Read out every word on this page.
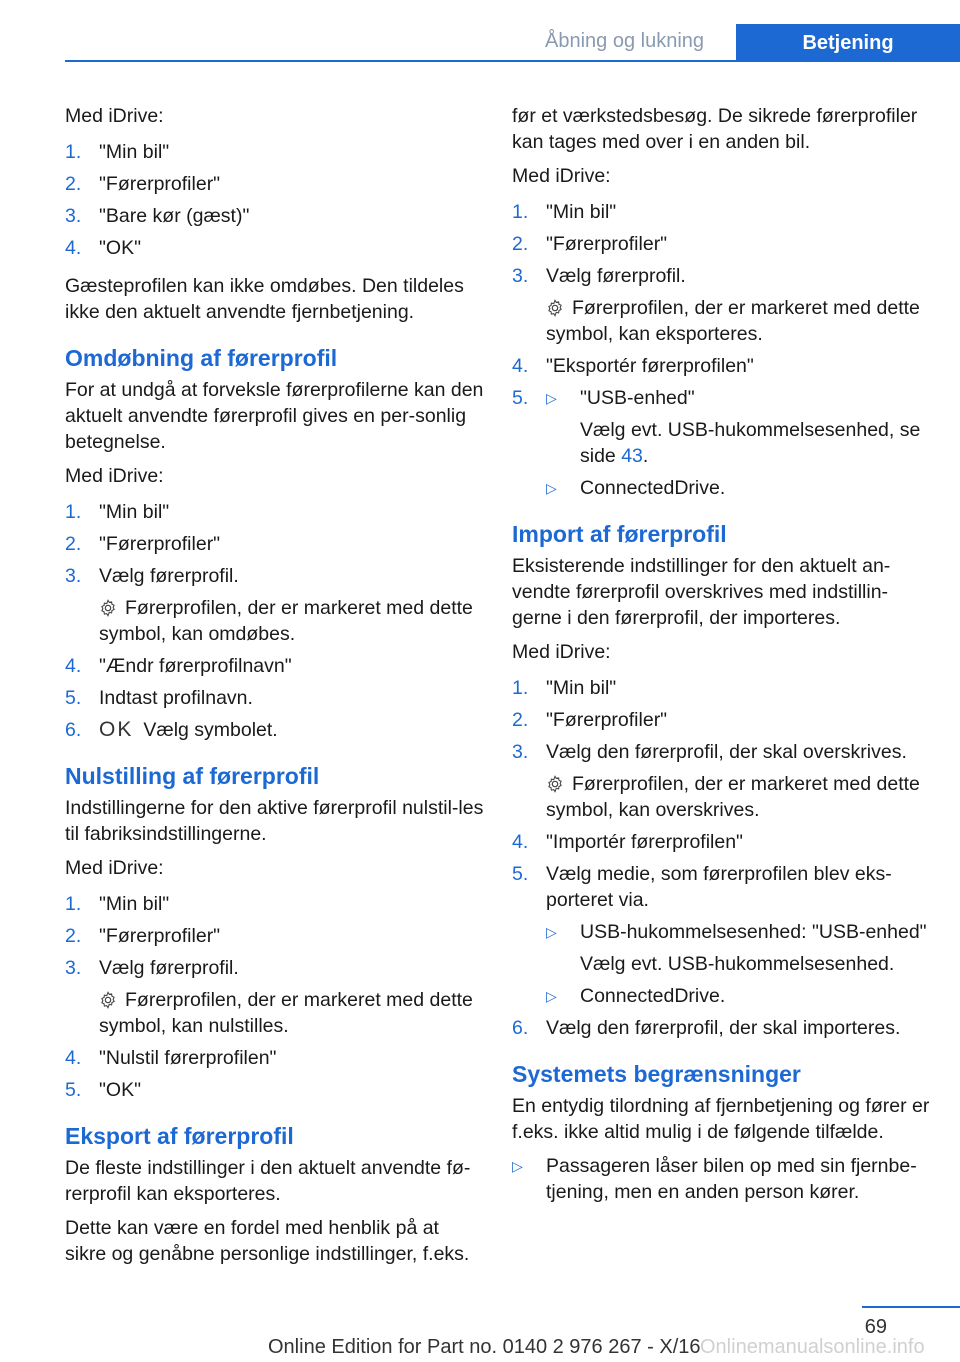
Åbning og lukning	Betjening

Med iDrive:

1. "Min bil"
2. "Førerprofiler"
3. "Bare kør (gæst)"
4. "OK"

Gæsteprofilen kan ikke omdøbes. Den tildeles ikke den aktuelt anvendte fjernbetjening.

Omdøbning af førerprofil

For at undgå at forveksle førerprofilerne kan den aktuelt anvendte førerprofil gives en per-sonlig betegnelse.

Med iDrive:

1. "Min bil"
2. "Førerprofiler"
3. Vælg førerprofil.
Førerprofilen, der er markeret med dette symbol, kan omdøbes.
4. "Ændr førerprofilnavn"
5. Indtast profilnavn.
6. OK Vælg symbolet.
Nulstilling af førerprofil

Indstillingerne for den aktive førerprofil nulstil-les til fabriksindstillingerne.

Med iDrive:

1. "Min bil"
2. "Førerprofiler"
3. Vælg førerprofil.
Førerprofilen, der er markeret med dette symbol, kan nulstilles.
4. "Nulstil førerprofilen"
5. "OK"
Eksport af førerprofil

De fleste indstillinger i den aktuelt anvendte fø-rerprofil kan eksporteres.

Dette kan være en fordel med henblik på at sikre og genåbne personlige indstillinger, f.eks.

før et værkstedsbesøg. De sikrede førerprofiler kan tages med over i en anden bil.

Med iDrive:

1. "Min bil"
2. "Førerprofiler"
3. Vælg førerprofil.
Førerprofilen, der er markeret med dette symbol, kan eksporteres.
4. "Eksportér førerprofilen"
5. ▷ "USB-enhed"
Vælg evt. USB-hukommelsesenhed, se side 43.
▷ ConnectedDrive.
Import af førerprofil

Eksisterende indstillinger for den aktuelt an-vendte førerprofil overskrives med indstillin-gerne i den førerprofil, der importeres.

Med iDrive:

1. "Min bil"
2. "Førerprofiler"
3. Vælg den førerprofil, der skal overskrives.
Førerprofilen, der er markeret med dette symbol, kan overskrives.
4. "Importér førerprofilen"
5. Vælg medie, som førerprofilen blev eks-porteret via.
▷ USB-hukommelsesenhed: "USB-enhed"
Vælg evt. USB-hukommelsesenhed.
▷ ConnectedDrive.
6. Vælg den førerprofil, der skal importeres.
Systemets begrænsninger

En entydig tilordning af fjernbetjening og fører er f.eks. ikke altid mulig i de følgende tilfælde.

▷ Passageren låser bilen op med sin fjernbe-tjening, men en anden person kører.
69
Online Edition for Part no. 0140 2 976 267 - X/16 Onlinemanualsonline.info
